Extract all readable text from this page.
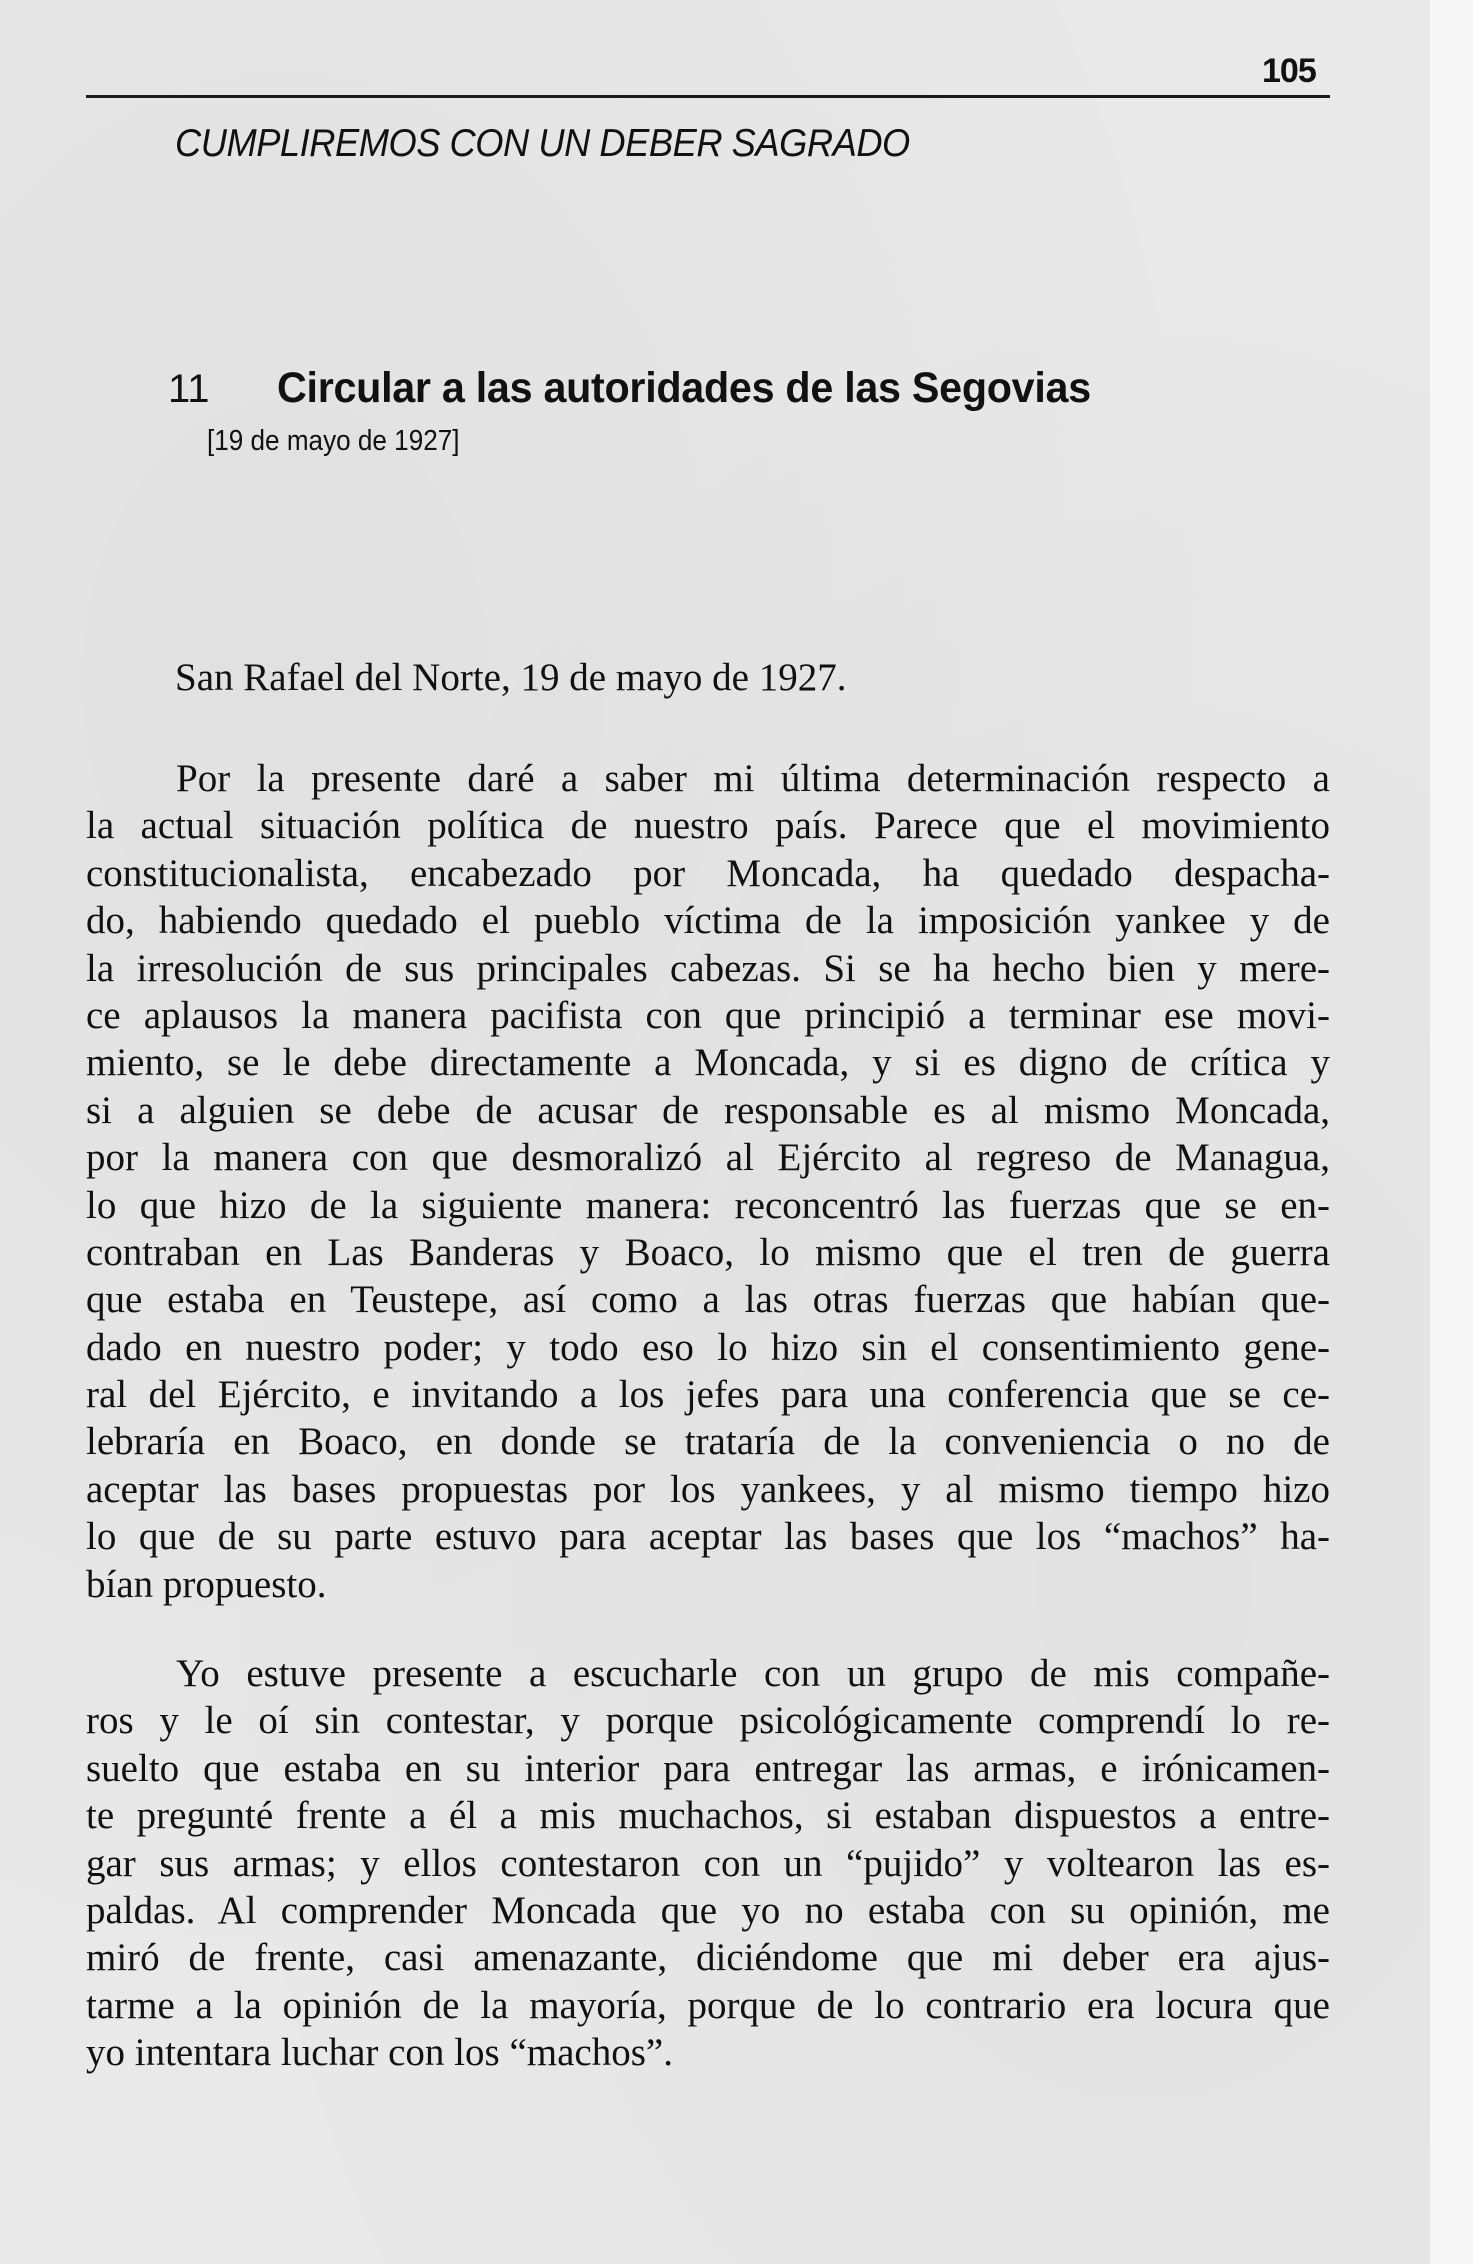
105
CUMPLIREMOS CON UN DEBER SAGRADO
11 Circular a las autoridades de las Segovias
[19 de mayo de 1927]
San Rafael del Norte, 19 de mayo de 1927.
Por la presente daré a saber mi última determinación respecto a
la actual situación política de nuestro país. Parece que el movimiento
constitucionalista, encabezado por Moncada, ha quedado despacha-
do, habiendo quedado el pueblo víctima de la imposición yankee y de
la irresolución de sus principales cabezas. Si se ha hecho bien y mere-
ce aplausos la manera pacifista con que principió a terminar ese movi-
miento, se le debe directamente a Moncada, y si es digno de crítica y
si a alguien se debe de acusar de responsable es al mismo Moncada,
por la manera con que desmoralizó al Ejército al regreso de Managua,
lo que hizo de la siguiente manera: reconcentró las fuerzas que se en-
contraban en Las Banderas y Boaco, lo mismo que el tren de guerra
que estaba en Teustepe, así como a las otras fuerzas que habían que-
dado en nuestro poder; y todo eso lo hizo sin el consentimiento gene-
ral del Ejército, e invitando a los jefes para una conferencia que se ce-
lebraría en Boaco, en donde se trataría de la conveniencia o no de
aceptar las bases propuestas por los yankees, y al mismo tiempo hizo
lo que de su parte estuvo para aceptar las bases que los “machos” ha-
bían propuesto.
Yo estuve presente a escucharle con un grupo de mis compañe-
ros y le oí sin contestar, y porque psicológicamente comprendí lo re-
suelto que estaba en su interior para entregar las armas, e irónicamen-
te pregunté frente a él a mis muchachos, si estaban dispuestos a entre-
gar sus armas; y ellos contestaron con un “pujido” y voltearon las es-
paldas. Al comprender Moncada que yo no estaba con su opinión, me
miró de frente, casi amenazante, diciéndome que mi deber era ajus-
tarme a la opinión de la mayoría, porque de lo contrario era locura que
yo intentara luchar con los “machos”.
